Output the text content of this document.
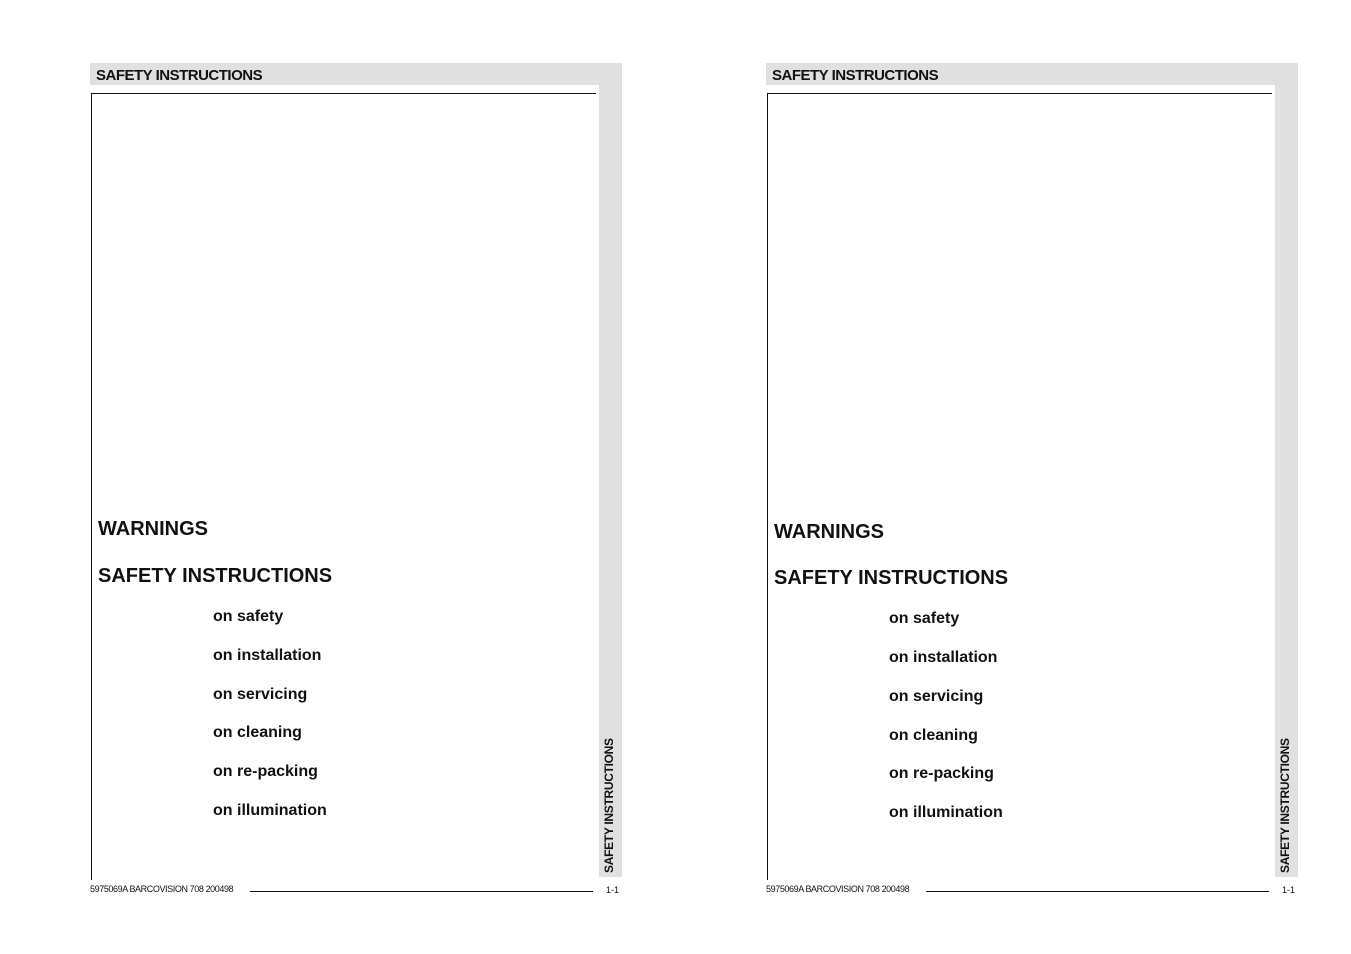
SAFETY INSTRUCTIONS
SAFETY INSTRUCTIONS
WARNINGS
SAFETY INSTRUCTIONS
on safety
on installation
on servicing
on cleaning
on re-packing
on illumination
5975069A BARCOVISION 708 200498	1-1
SAFETY INSTRUCTIONS
SAFETY INSTRUCTIONS
WARNINGS
SAFETY INSTRUCTIONS
on safety
on installation
on servicing
on cleaning
on re-packing
on illumination
5975069A BARCOVISION 708 200498	1-1
